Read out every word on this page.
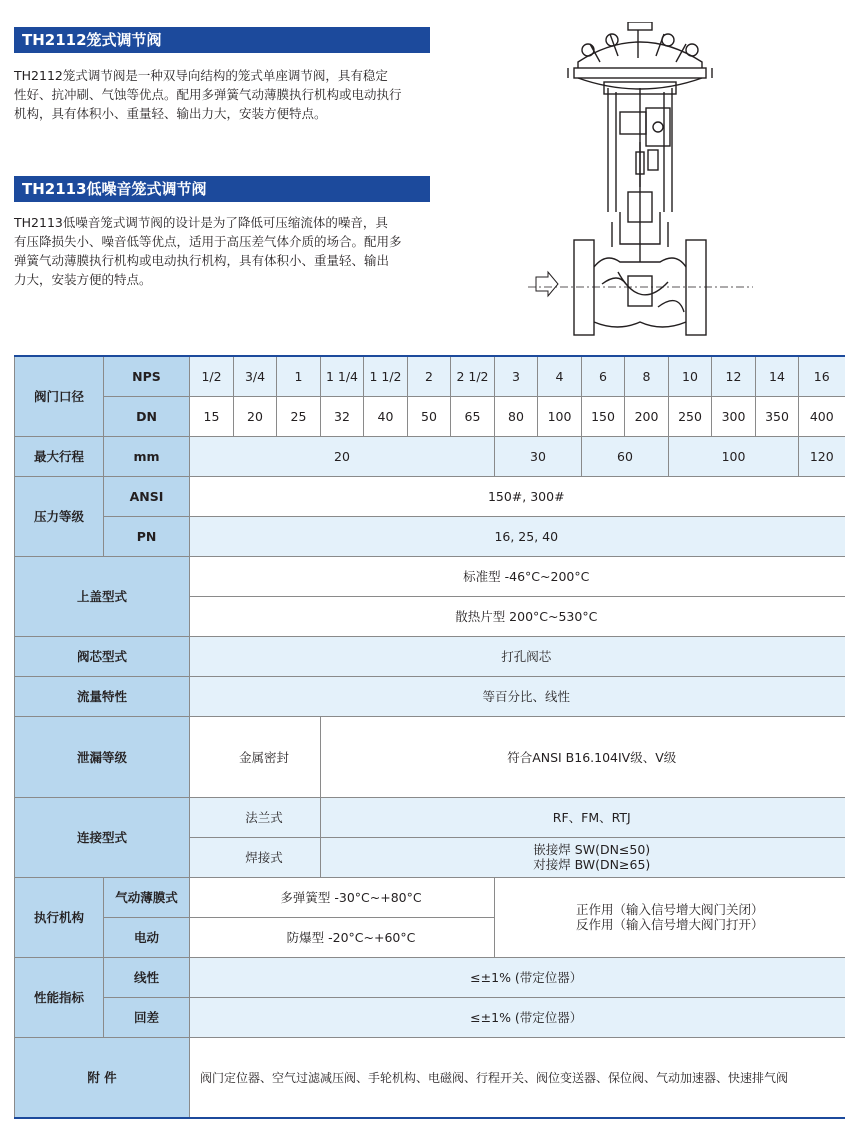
TH2112笼式调节阀
TH2112笼式调节阀是一种双导向结构的笼式单座调节阀，具有稳定
性好、抗冲刷、气蚀等优点。配用多弹簧气动薄膜执行机构或电动执行
机构，具有体积小、重量轻、输出力大，安装方便特点。
TH2113低噪音笼式调节阀
TH2113低噪音笼式调节阀的设计是为了降低可压缩流体的噪音，具
有压降损失小、噪音低等优点，适用于高压差气体介质的场合。配用多
弹簧气动薄膜执行机构或电动执行机构，具有体积小、重量轻、输出
力大，安装方便的特点。
阀门口径	NPS	1/2	3/4	1	1 1/4	1 1/2	2	2 1/2	3	4	6	8	10	12	14	16
	DN	15	20	25	32	40	50	65	80	100	150	200	250	300	350	400
最大行程	mm	20							30		60		100			120
压力等级	ANSI	150#, 300#														
	PN	16, 25, 40														
上盖型式		标准型 -46°C~200°C														
		散热片型 200°C~530°C														
阀芯型式		打孔阀芯														
流量特性		等百分比、线性														
泄漏等级		金属密封			符合ANSI B16.104IV级、V级											
连接型式		法兰式			RF、FM、RTJ											
		焊接式			嵌接焊 SW(DN≤50)
对接焊 BW(DN≥65)											

执行机构	气动薄膜式	多弹簧型 -30°C~+80°C							正作用（输入信号增大阀门关闭）
反作用（输入信号增大阀门打开）							

	电动	防爆型 -20°C~+60°C														
性能指标	线性	≤±1% (带定位器）														
	回差	≤±1% (带定位器）														
附 件		阀门定位器、空气过滤减压阀、手轮机构、电磁阀、行程开关、阀位变送器、保位阀、气动加速器、快速排气阀														
